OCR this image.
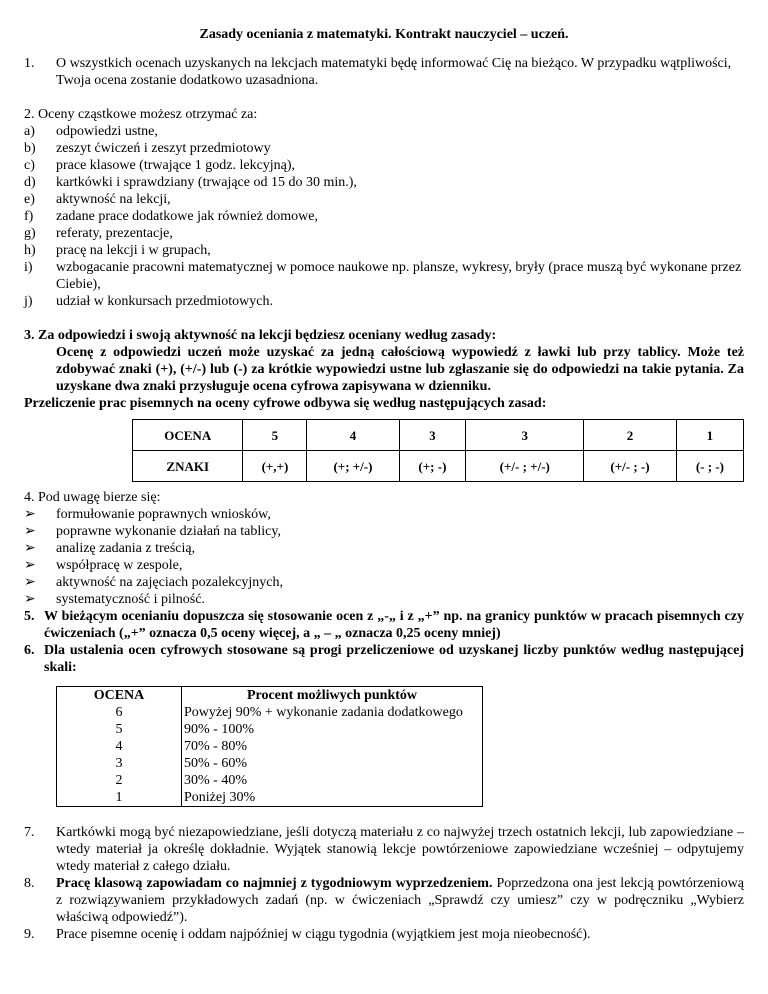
Zasady oceniania z matematyki. Kontrakt nauczyciel – uczeń.
1.	O wszystkich ocenach uzyskanych na lekcjach matematyki będę informować Cię na bieżąco. W przypadku wątpliwości, Twoja ocena zostanie dodatkowo uzasadniona.
2. Oceny cząstkowe możesz otrzymać za:
a)	odpowiedzi ustne,
b)	zeszyt ćwiczeń i zeszyt przedmiotowy
c)	prace klasowe (trwające 1 godz. lekcyjną),
d)	kartkówki i sprawdziany (trwające od 15 do 30 min.),
e)	aktywność na lekcji,
f)	zadane prace dodatkowe jak również domowe,
g)	referaty, prezentacje,
h)	pracę na lekcji i w grupach,
i)	wzbogacanie pracowni matematycznej w pomoce naukowe np. plansze, wykresy, bryły (prace muszą być wykonane przez Ciebie),
j)	udział w konkursach przedmiotowych.
3. Za odpowiedzi i swoją aktywność na lekcji będziesz oceniany według zasady:
Ocenę z odpowiedzi uczeń może uzyskać za jedną całościową wypowiedź z ławki lub przy tablicy. Może też zdobywać znaki (+), (+/-) lub (-) za krótkie wypowiedzi ustne lub zgłaszanie się do odpowiedzi na takie pytania. Za uzyskane dwa znaki przysługuje ocena cyfrowa zapisywana w dzienniku.
Przeliczenie prac pisemnych na oceny cyfrowe odbywa się według następujących zasad:
OCENA	5	4	3	3	2	1
ZNAKI	(+,+)	(+; +/-)	(+; -)	(+/- ; +/-)	(+/- ; -)	(- ; -)
4. Pod uwagę bierze się:
➢	formułowanie poprawnych wniosków,
➢	poprawne wykonanie działań na tablicy,
➢	analizę zadania z treścią,
➢	współpracę w zespole,
➢	aktywność na zajęciach pozalekcyjnych,
➢	systematyczność i pilność.
5. W bieżącym ocenianiu dopuszcza się stosowanie ocen z „-„ i z „+” np. na granicy punktów w pracach pisemnych czy ćwiczeniach („+” oznacza 0,5 oceny więcej, a „ – „ oznacza 0,25 oceny mniej)
6. Dla ustalenia ocen cyfrowych stosowane są progi przeliczeniowe od uzyskanej liczby punktów według następującej skali:
OCENA	Procent możliwych punktów
6	Powyżej 90% + wykonanie zadania dodatkowego
5	90% - 100%
4	70% - 80%
3	50% - 60%
2	30% - 40%
1	Poniżej 30%
7.	Kartkówki mogą być niezapowiedziane, jeśli dotyczą materiału z co najwyżej trzech ostatnich lekcji, lub zapowiedziane – wtedy materiał ja określę dokładnie. Wyjątek stanowią lekcje powtórzeniowe zapowiedziane wcześniej – odpytujemy wtedy materiał z całego działu.
8.	Pracę klasową zapowiadam co najmniej z tygodniowym wyprzedzeniem. Poprzedzona ona jest lekcją powtórzeniową z rozwiązywaniem przykładowych zadań (np. w ćwiczeniach „Sprawdź czy umiesz” czy w podręczniku „Wybierz właściwą odpowiedź”).
9.	Prace pisemne ocenię i oddam najpóźniej w ciągu tygodnia (wyjątkiem jest moja nieobecność).
